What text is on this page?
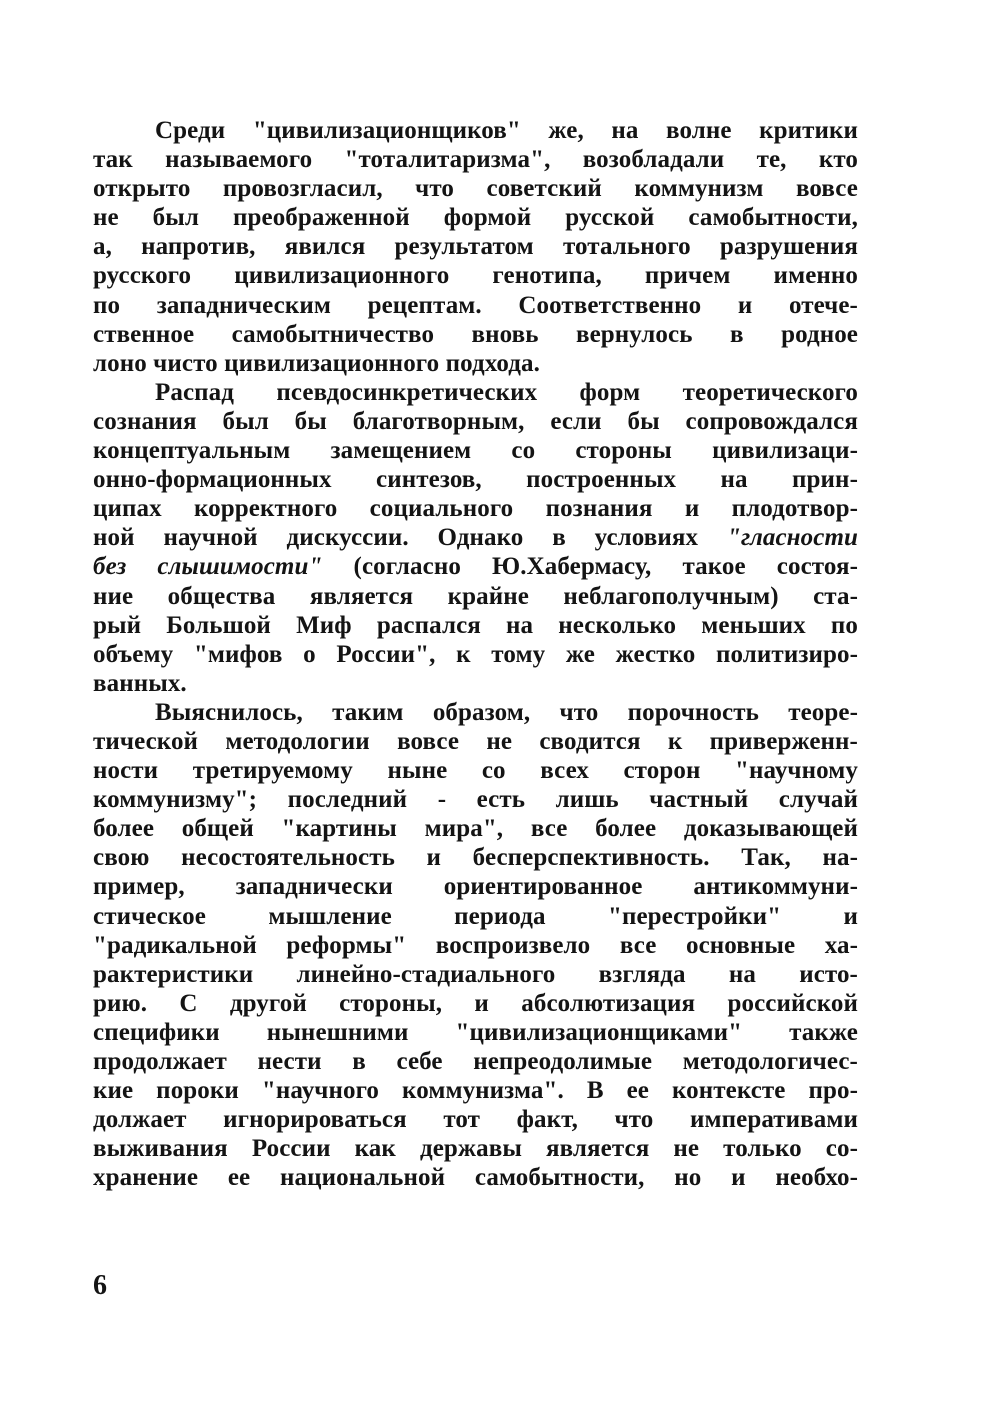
Среди "цивилизационщиков" же, на волне критики
так называемого "тоталитаризма", возобладали те, кто
открыто провозгласил, что советский коммунизм вовсе
не был преображенной формой русской самобытности,
а, напротив, явился результатом тотального разрушения
русского цивилизационного генотипа, причем именно
по западническим рецептам. Соответственно и отече-
ственное самобытничество вновь вернулось в родное
лоно чисто цивилизационного подхода.
Распад псевдосинкретических форм теоретического
сознания был бы благотворным, если бы сопровождался
концептуальным замещением со стороны цивилизаци-
онно-формационных синтезов, построенных на прин-
ципах корректного социального познания и плодотвор-
ной научной дискуссии. Однако в условиях "гласности
без слышимости" (согласно Ю.Хабермасу, такое состоя-
ние общества является крайне неблагополучным) ста-
рый Большой Миф распался на несколько меньших по
объему "мифов о России", к тому же жестко политизиро-
ванных.
Выяснилось, таким образом, что порочность теоре-
тической методологии вовсе не сводится к приверженн-
ности третируемому ныне со всех сторон "научному
коммунизму"; последний - есть лишь частный случай
более общей "картины мира", все более доказывающей
свою несостоятельность и бесперспективность. Так, на-
пример, западнически ориентированное антикоммуни-
стическое мышление периода "перестройки" и
"радикальной реформы" воспроизвело все основные ха-
рактеристики линейно-стадиального взгляда на исто-
рию. С другой стороны, и абсолютизация российской
специфики нынешними "цивилизационщиками" также
продолжает нести в себе непреодолимые методологичес-
кие пороки "научного коммунизма". В ее контексте про-
должает игнорироваться тот факт, что императивами
выживания России как державы является не только со-
хранение ее национальной самобытности, но и необхо-
6
